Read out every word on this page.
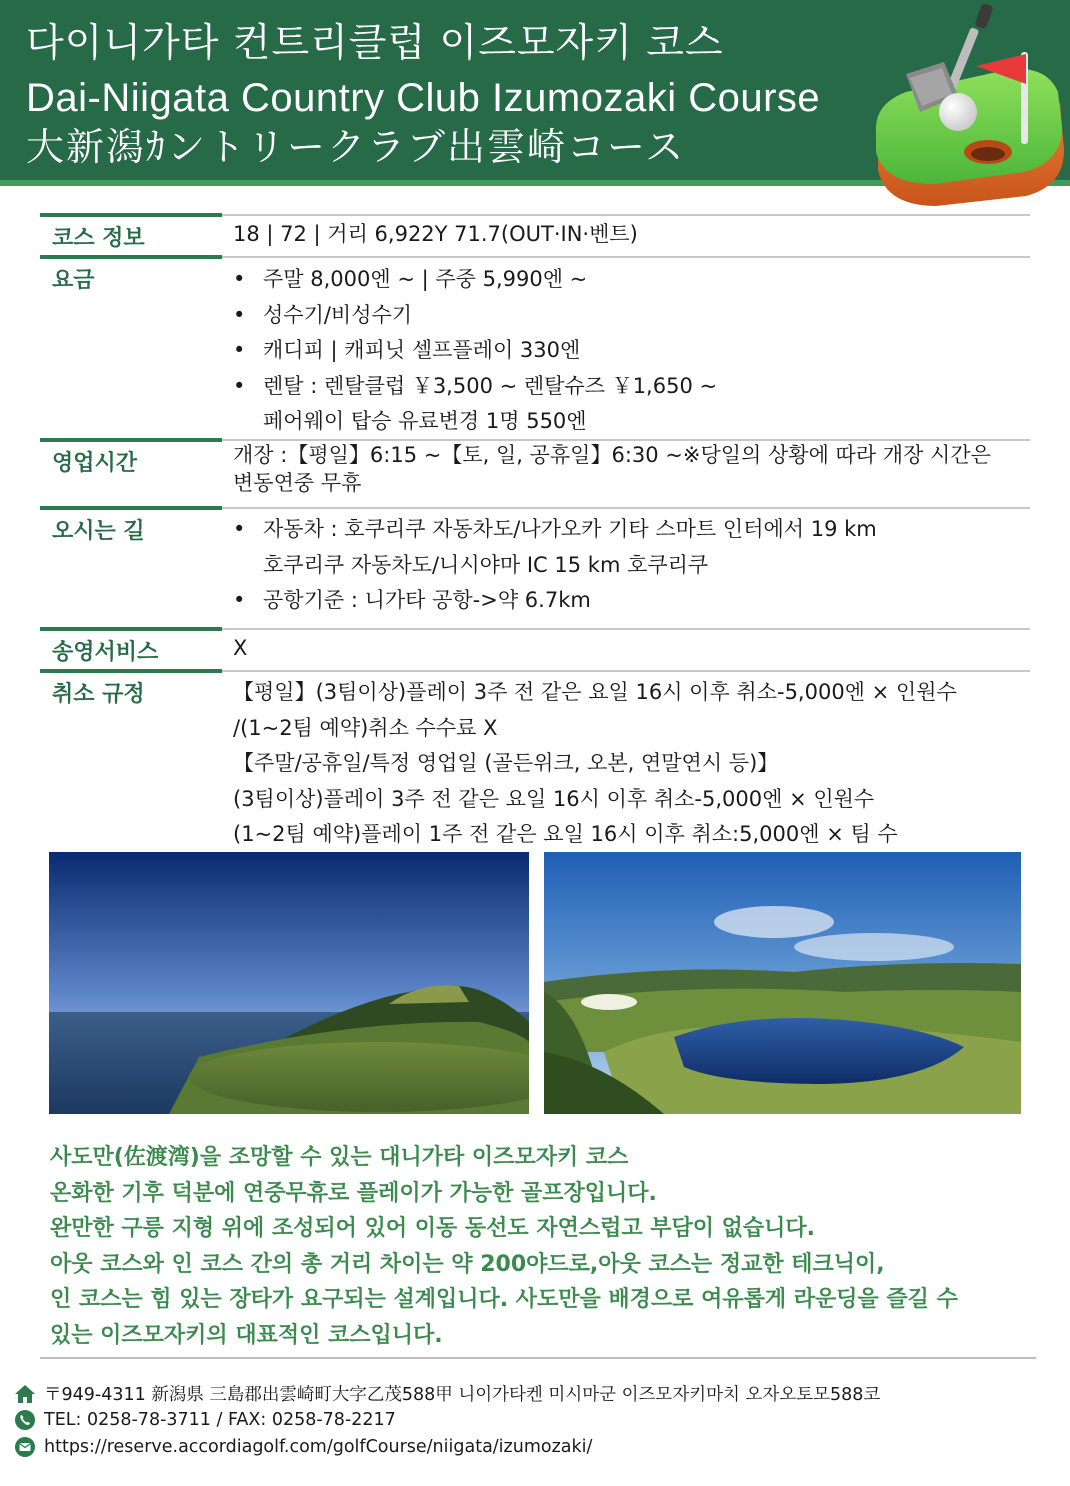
다이니가타 컨트리클럽 이즈모자키 코스
Dai-Niigata Country Club Izumozaki Course
大新潟ｶントリークラブ出雲崎コース
코스 정보	18 | 72 | 거리 6,922Y 71.7(OUT·IN·벤트)
요금	• 주말 8,000엔 ~ | 주중 5,990엔 ~
• 성수기/비성수기
• 캐디피 | 캐피닛 셀프플레이 330엔
• 렌탈 : 렌탈클럽 ￥3,500 ~ 렌탈슈즈 ￥1,650 ~
페어웨이 탑승 유료변경 1명 550엔
영업시간	개장 :【평일】6:15 ~【토, 일, 공휴일】6:30 ~※당일의 상황에 따라 개장 시간은
변동연중 무휴
오시는 길	• 자동차 : 호쿠리쿠 자동차도/나가오카 기타 스마트 인터에서 19 km
호쿠리쿠 자동차도/니시야마 IC 15 km 호쿠리쿠
• 공항기준 : 니가타 공항->약 6.7km
송영서비스	X
취소 규정	【평일】(3팀이상)플레이 3주 전 같은 요일 16시 이후 취소-5,000엔 × 인원수
/(1~2팀 예약)취소 수수료 X
【주말/공휴일/특정 영업일 (골든위크, 오본, 연말연시 등)】
(3팀이상)플레이 3주 전 같은 요일 16시 이후 취소-5,000엔 × 인원수
(1~2팀 예약)플레이 1주 전 같은 요일 16시 이후 취소:5,000엔 × 팀 수
사도만(佐渡湾)을 조망할 수 있는 대니가타 이즈모자키 코스
온화한 기후 덕분에 연중무휴로 플레이가 가능한 골프장입니다.
완만한 구릉 지형 위에 조성되어 있어 이동 동선도 자연스럽고 부담이 없습니다.
아웃 코스와 인 코스 간의 총 거리 차이는 약 200야드로,아웃 코스는 정교한 테크닉이,
인 코스는 힘 있는 장타가 요구되는 설계입니다. 사도만을 배경으로 여유롭게 라운딩을 즐길 수
있는 이즈모자키의 대표적인 코스입니다.
〒949-4311 新潟県 三島郡出雲崎町大字乙茂588甲 니이가타켄 미시마군 이즈모자키마치 오자오토모588코
TEL: 0258-78-3711 / FAX: 0258-78-2217
https://reserve.accordiagolf.com/golfCourse/niigata/izumozaki/
